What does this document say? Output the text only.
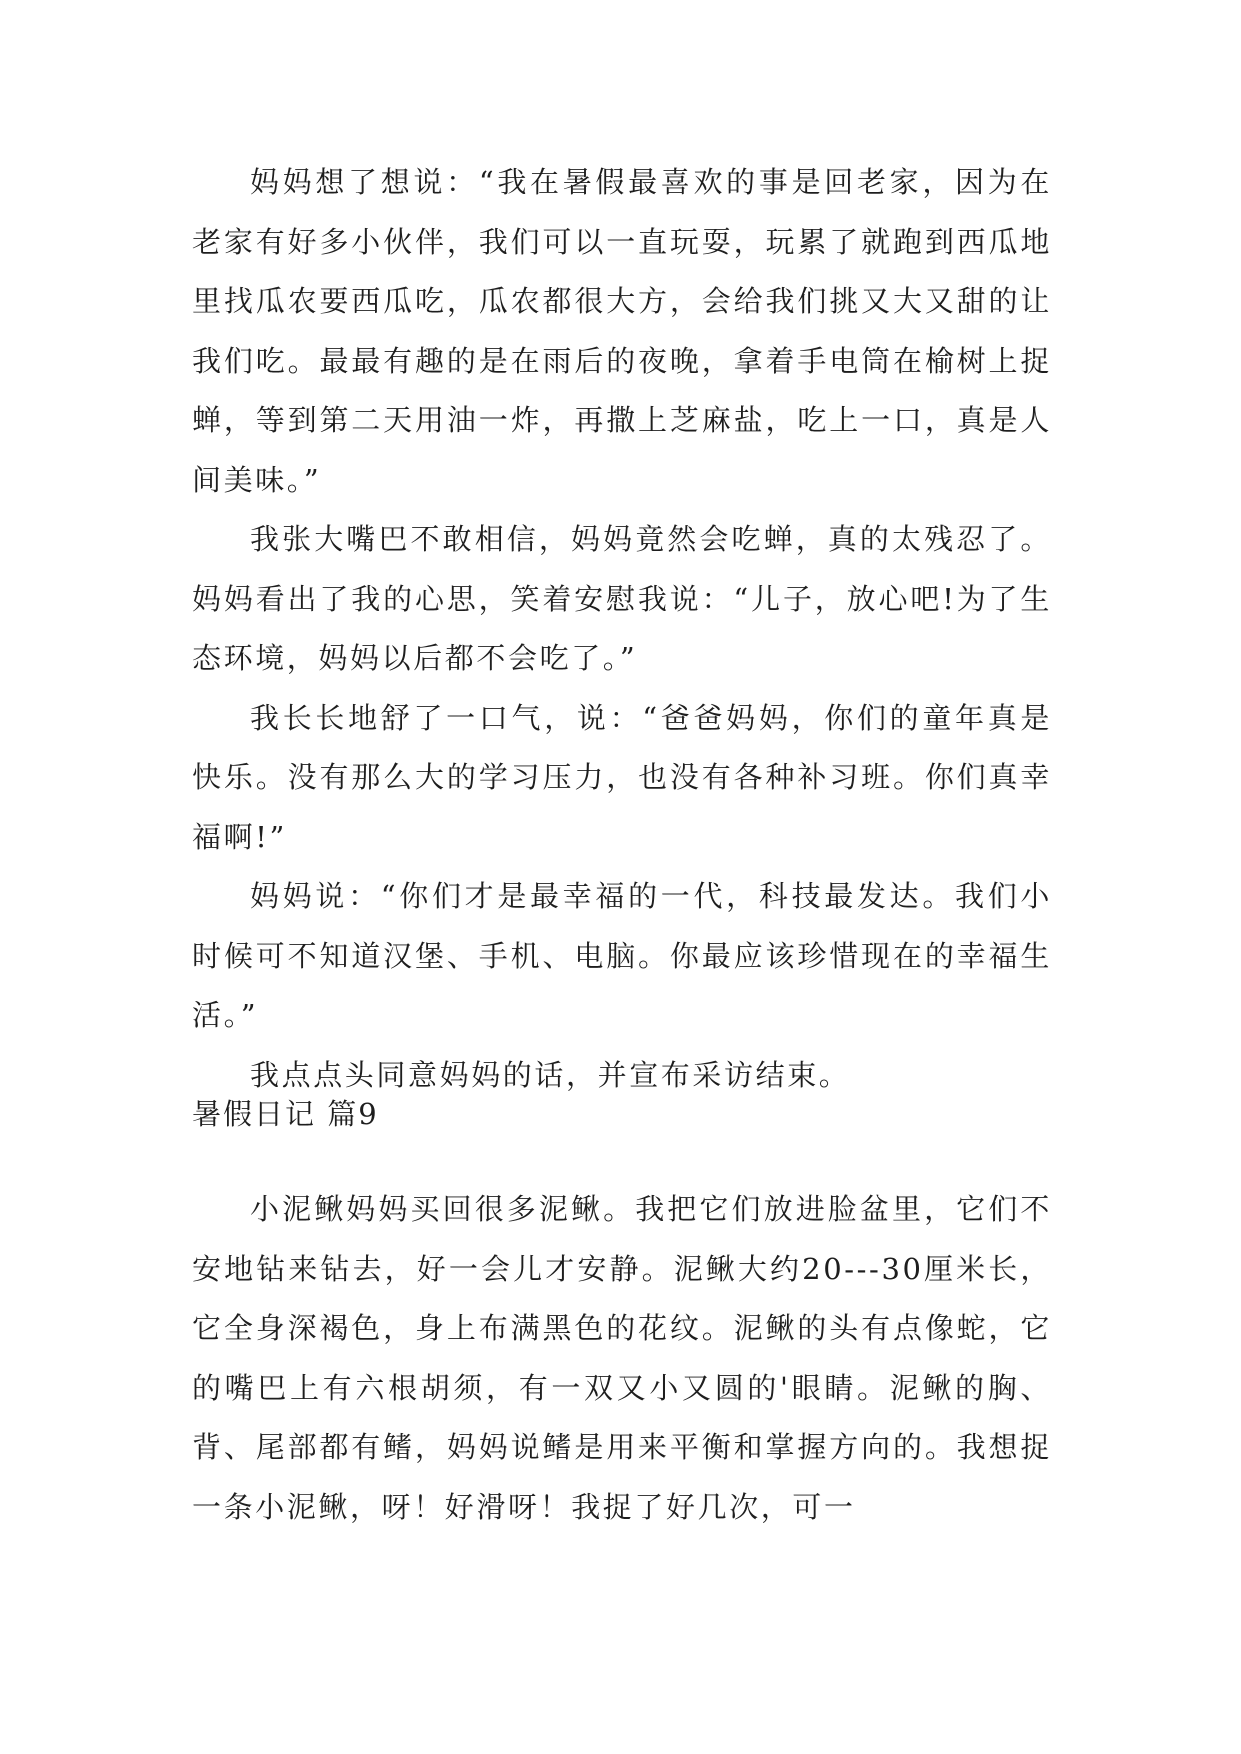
妈妈想了想说：“我在暑假最喜欢的事是回老家，因为在老家有好多小伙伴，我们可以一直玩耍，玩累了就跑到西瓜地里找瓜农要西瓜吃，瓜农都很大方，会给我们挑又大又甜的让我们吃。最最有趣的是在雨后的夜晚，拿着手电筒在榆树上捉蝉，等到第二天用油一炸，再撒上芝麻盐，吃上一口，真是人间美味。”

我张大嘴巴不敢相信，妈妈竟然会吃蝉，真的太残忍了。妈妈看出了我的心思，笑着安慰我说：“儿子，放心吧!为了生态环境，妈妈以后都不会吃了。”

我长长地舒了一口气，说：“爸爸妈妈，你们的童年真是快乐。没有那么大的学习压力，也没有各种补习班。你们真幸福啊!”

妈妈说：“你们才是最幸福的一代，科技最发达。我们小时候可不知道汉堡、手机、电脑。你最应该珍惜现在的幸福生活。”

我点点头同意妈妈的话，并宣布采访结束。

暑假日记 篇9

小泥鳅妈妈买回很多泥鳅。我把它们放进脸盆里，它们不安地钻来钻去，好一会儿才安静。泥鳅大约20---30厘米长，它全身深褐色，身上布满黑色的花纹。泥鳅的头有点像蛇，它的嘴巴上有六根胡须，有一双又小又圆的'眼睛。泥鳅的胸、背、尾部都有鳍，妈妈说鳍是用来平衡和掌握方向的。我想捉一条小泥鳅，呀！好滑呀！我捉了好几次，可一
